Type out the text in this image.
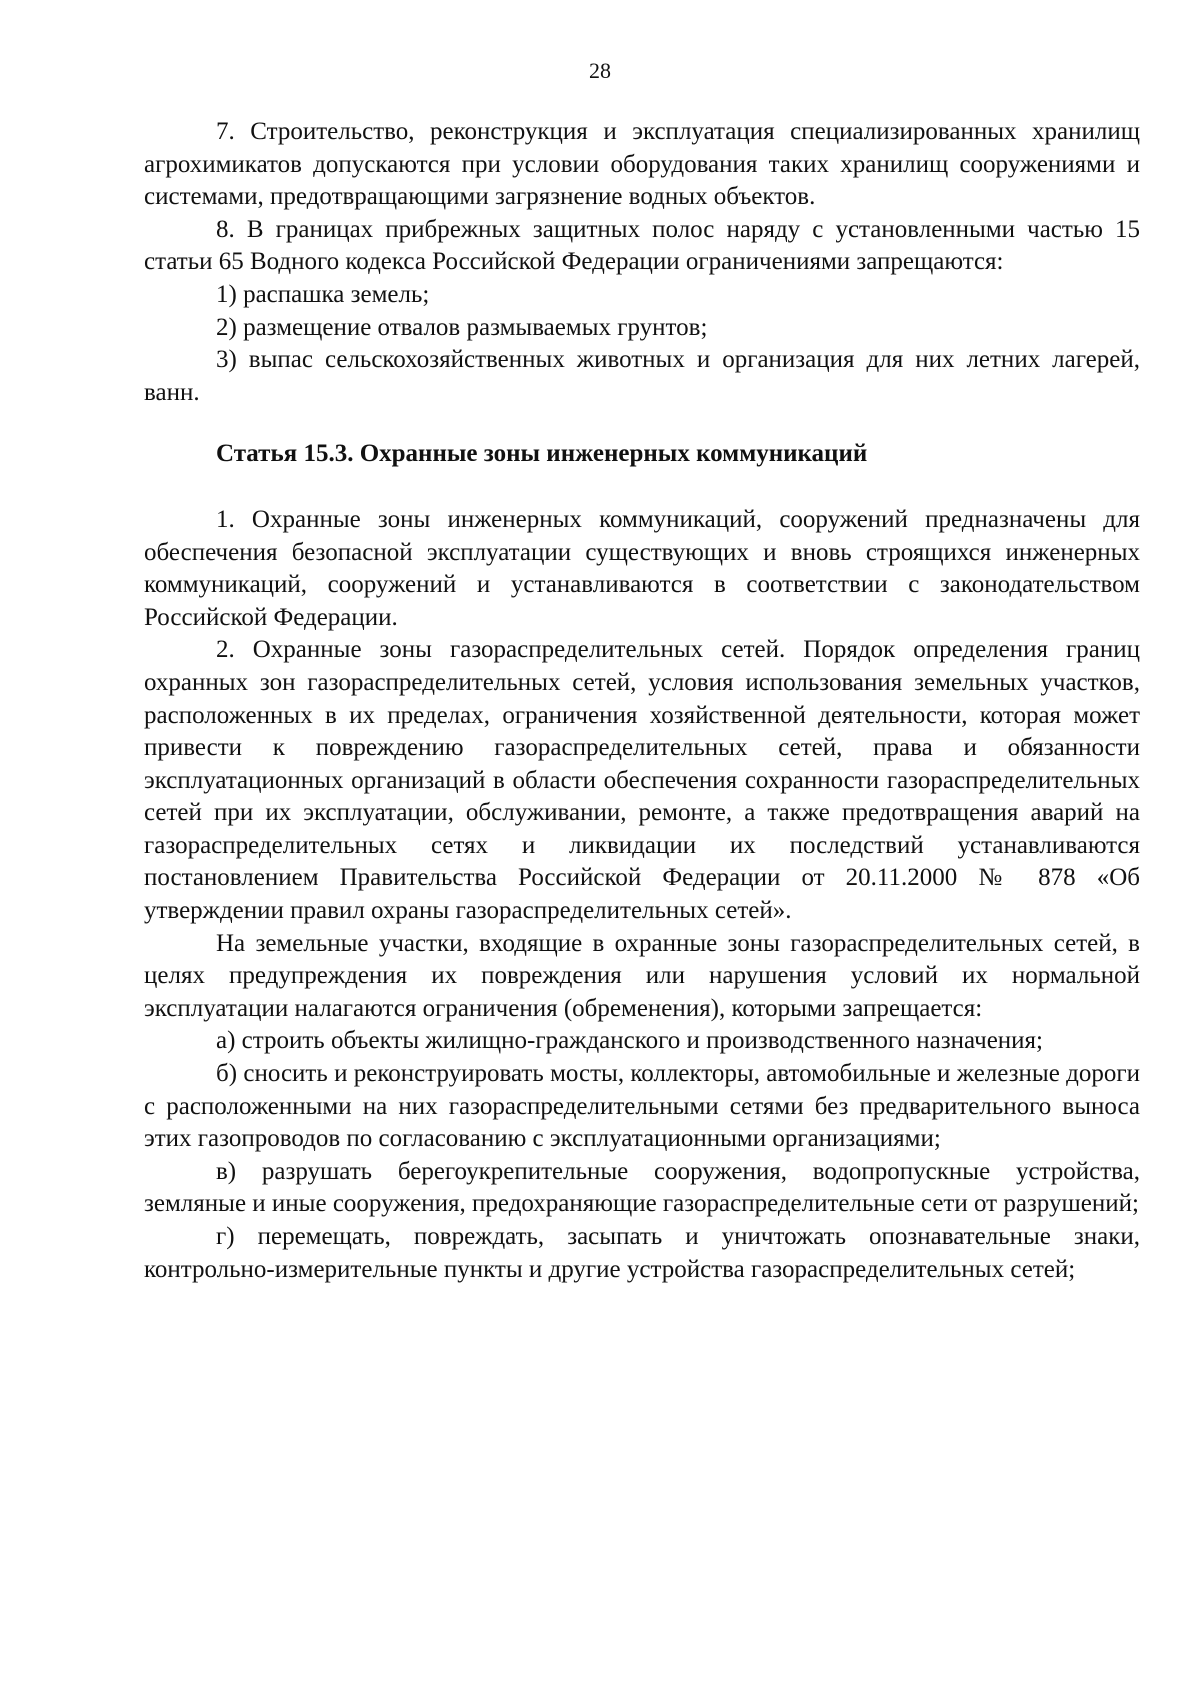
28

7. Строительство, реконструкция и эксплуатация специализированных хранилищ агрохимикатов допускаются при условии оборудования таких хранилищ сооружениями и системами, предотвращающими загрязнение водных объектов.

8. В границах прибрежных защитных полос наряду с установленными частью 15 статьи 65 Водного кодекса Российской Федерации ограничениями запрещаются:

1) распашка земель;

2) размещение отвалов размываемых грунтов;

3) выпас сельскохозяйственных животных и организация для них летних лагерей, ванн.

Статья 15.3. Охранные зоны инженерных коммуникаций

1. Охранные зоны инженерных коммуникаций, сооружений предназначены для обеспечения безопасной эксплуатации существующих и вновь строящихся инженерных коммуникаций, сооружений и устанавливаются в соответствии с законодательством Российской Федерации.

2. Охранные зоны газораспределительных сетей. Порядок определения границ охранных зон газораспределительных сетей, условия использования земельных участков, расположенных в их пределах, ограничения хозяйственной деятельности, которая может привести к повреждению газораспределительных сетей, права и обязанности эксплуатационных организаций в области обеспечения сохранности газораспределительных сетей при их эксплуатации, обслуживании, ремонте, а также предотвращения аварий на газораспределительных сетях и ликвидации их последствий устанавливаются постановлением Правительства Российской Федерации от 20.11.2000 № 878 «Об утверждении правил охраны газораспределительных сетей».

На земельные участки, входящие в охранные зоны газораспределительных сетей, в целях предупреждения их повреждения или нарушения условий их нормальной эксплуатации налагаются ограничения (обременения), которыми запрещается:

а) строить объекты жилищно-гражданского и производственного назначения;

б) сносить и реконструировать мосты, коллекторы, автомобильные и железные дороги с расположенными на них газораспределительными сетями без предварительного выноса этих газопроводов по согласованию с эксплуатационными организациями;

в) разрушать берегоукрепительные сооружения, водопропускные устройства, земляные и иные сооружения, предохраняющие газораспределительные сети от разрушений;

г) перемещать, повреждать, засыпать и уничтожать опознавательные знаки, контрольно-измерительные пункты и другие устройства газораспределительных сетей;
